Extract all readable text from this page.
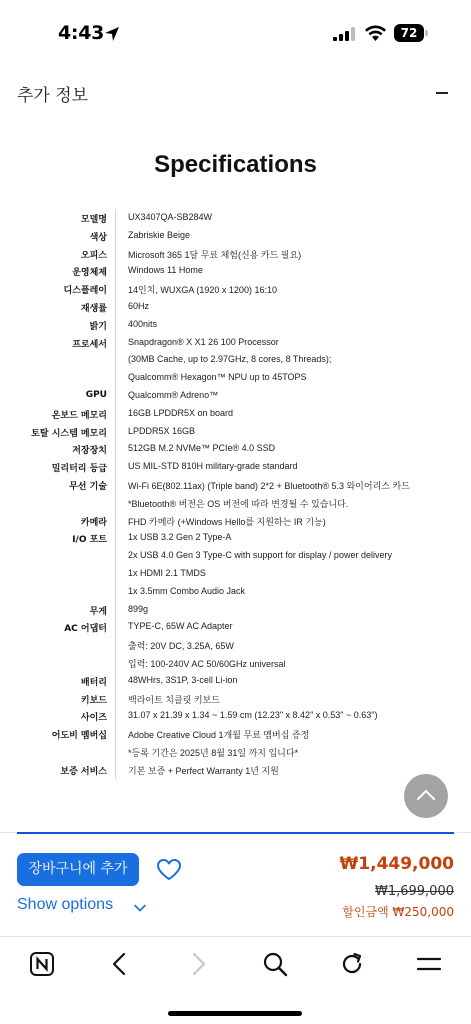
4:43	72
추가 정보
Specifications
모델명 UX3407QA-SB284W
색상 Zabriskie Beige
오피스 Microsoft 365 1달 무료 체험(신용 카드 필요)
운영체제 Windows 11 Home
디스플레이 14인치, WUXGA (1920 x 1200) 16:10
재생률 60Hz
밝기 400nits
프로세서 Snapdragon® X X1 26 100 Processor
(30MB Cache, up to 2.97GHz, 8 cores, 8 Threads);
Qualcomm® Hexagon™ NPU up to 45TOPS
GPU Qualcomm® Adreno™
온보드 메모리 16GB LPDDR5X on board
토탈 시스템 메모리 LPDDR5X 16GB
저장장치 512GB M.2 NVMe™ PCIe® 4.0 SSD
밀리터리 등급 US MIL-STD 810H military-grade standard
무선 기술 Wi-Fi 6E(802.11ax) (Triple band) 2*2 + Bluetooth® 5.3 와이어리스 카드
*Bluetooth® 버전은 OS 버전에 따라 변경될 수 있습니다.
카메라 FHD 카메라 (+Windows Hello를 지원하는 IR 기능)
I/O 포트 1x USB 3.2 Gen 2 Type-A
2x USB 4.0 Gen 3 Type-C with support for display / power delivery
1x HDMI 2.1 TMDS
1x 3.5mm Combo Audio Jack
무게 899g
AC 어댑터 TYPE-C, 65W AC Adapter
출력: 20V DC, 3.25A, 65W
입력: 100-240V AC 50/60GHz universal
배터리 48WHrs, 3S1P, 3-cell Li-ion
키보드 백라이트 치클릿 키보드
사이즈 31.07 x 21.39 x 1.34 ~ 1.59 cm (12.23" x 8.42" x 0.53" ~ 0.63")
어도비 멤버십 Adobe Creative Cloud 1개월 무료 멤버십 증정
*등록 기간은 2025년 8월 31일 까지 입니다*
보증 서비스 기본 보증 + Perfect Warranty 1년 지원
장바구니에 추가
Show options
₩1,449,000
₩1,699,000
할인금액 ₩250,000
